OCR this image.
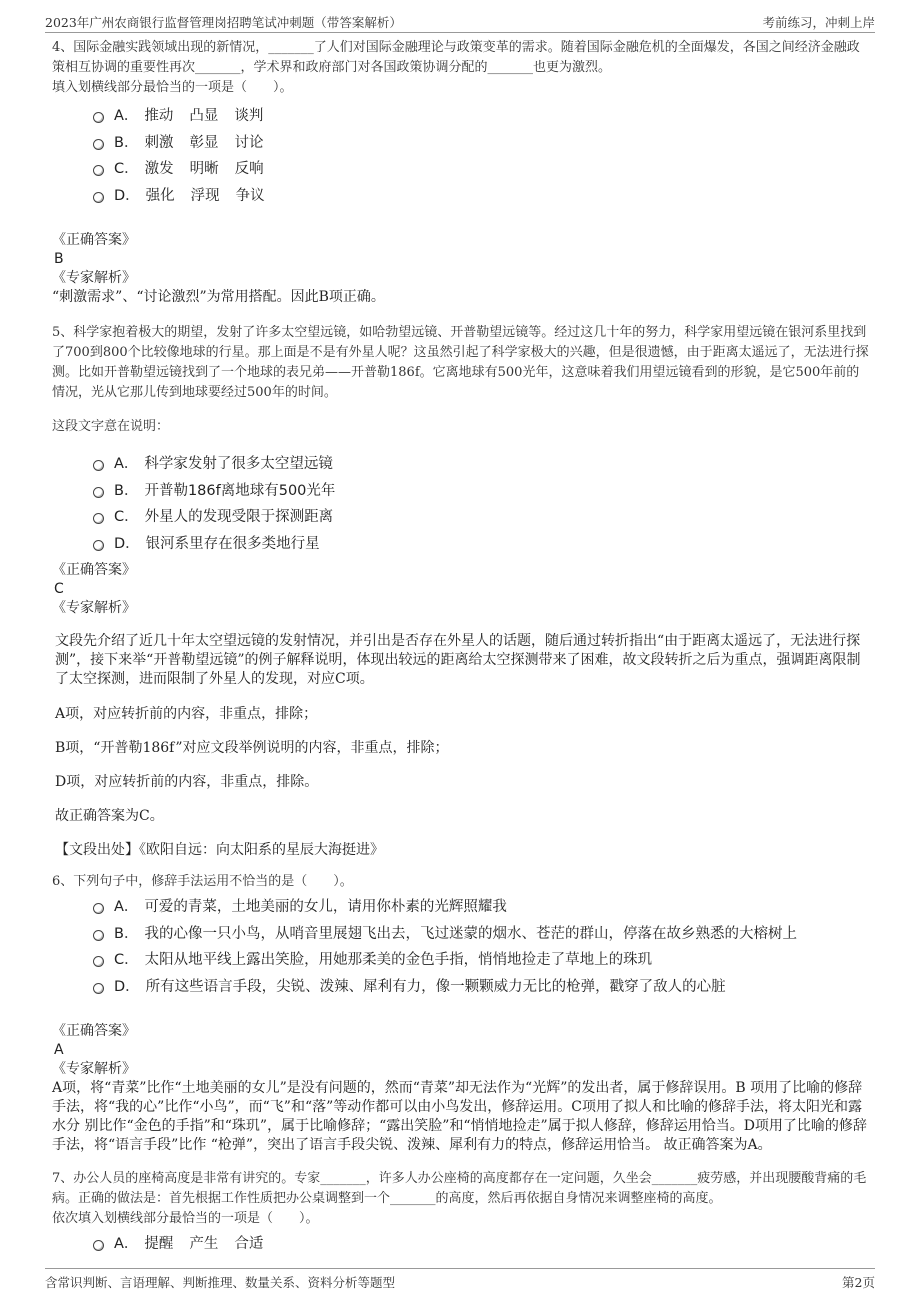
2023年广州农商银行监督管理岗招聘笔试冲刺题（带答案解析）	考前练习，冲刺上岸

4、国际金融实践领域出现的新情况，_______了人们对国际金融理论与政策变革的需求。随着国际金融危机的全面爆发，各国之间经济金融政策相互协调的重要性再次_______，学术界和政府部门对各国政策协调分配的_______也更为激烈。

填入划横线部分最恰当的一项是（　　）。

A． 推动 凸显 谈判
B． 刺激 彰显 讨论
C． 激发 明晰 反响
D． 强化 浮现 争议
《正确答案》
B
《专家解析》
“刺激需求”、“讨论激烈”为常用搭配。因此B项正确。

5、科学家抱着极大的期望，发射了许多太空望远镜，如哈勃望远镜、开普勒望远镜等。经过这几十年的努力，科学家用望远镜在银河系里找到了700到800个比较像地球的行星。那上面是不是有外星人呢？这虽然引起了科学家极大的兴趣，但是很遗憾，由于距离太遥远了，无法进行探测。比如开普勒望远镜找到了一个地球的表兄弟——开普勒186f。它离地球有500光年，这意味着我们用望远镜看到的形貌，是它500年前的情况，光从它那儿传到地球要经过500年的时间。

这段文字意在说明：

A． 科学家发射了很多太空望远镜
B． 开普勒186f离地球有500光年
C． 外星人的发现受限于探测距离
D． 银河系里存在很多类地行星
《正确答案》
C
《专家解析》

文段先介绍了近几十年太空望远镜的发射情况，并引出是否存在外星人的话题，随后通过转折指出“由于距离太遥远了，无法进行探测”，接下来举“开普勒望远镜”的例子解释说明，体现出较远的距离给太空探测带来了困难，故文段转折之后为重点，强调距离限制了太空探测，进而限制了外星人的发现，对应C项。

A项，对应转折前的内容，非重点，排除；

B项，“开普勒186f”对应文段举例说明的内容，非重点，排除；

D项，对应转折前的内容，非重点，排除。

故正确答案为C。

【文段出处】《欧阳自远：向太阳系的星辰大海挺进》

6、下列句子中，修辞手法运用不恰当的是（　　）。

A． 可爱的青菜，土地美丽的女儿，请用你朴素的光辉照耀我
B． 我的心像一只小鸟，从哨音里展翅飞出去，飞过迷蒙的烟水、苍茫的群山，停落在故乡熟悉的大榕树上
C． 太阳从地平线上露出笑脸，用她那柔美的金色手指，悄悄地捡走了草地上的珠玑
D． 所有这些语言手段，尖锐、泼辣、犀利有力，像一颗颗威力无比的枪弹，戳穿了敌人的心脏
《正确答案》
A
《专家解析》
A项，将“青菜”比作“土地美丽的女儿”是没有问题的，然而“青菜”却无法作为“光辉”的发出者，属于修辞误用。B 项用了比喻的修辞手法，将“我的心”比作“小鸟”，而“飞”和“落”等动作都可以由小鸟发出，修辞运用。C项用了拟人和比喻的修辞手法，将太阳光和露水分 别比作“金色的手指”和“珠玑”，属于比喻修辞；“露出笑脸”和“悄悄地捡走”属于拟人修辞，修辞运用恰当。D项用了比喻的修辞手法，将“语言手段”比作 “枪弹”，突出了语言手段尖锐、泼辣、犀利有力的特点，修辞运用恰当。 故正确答案为A。

7、办公人员的座椅高度是非常有讲究的。专家_______，许多人办公座椅的高度都存在一定问题，久坐会_______疲劳感，并出现腰酸背痛的毛病。正确的做法是：首先根据工作性质把办公桌调整到一个_______的高度，然后再依据自身情况来调整座椅的高度。

依次填入划横线部分最恰当的一项是（　　）。

A． 提醒 产生 合适
含常识判断、言语理解、判断推理、数量关系、资料分析等题型	第2页
